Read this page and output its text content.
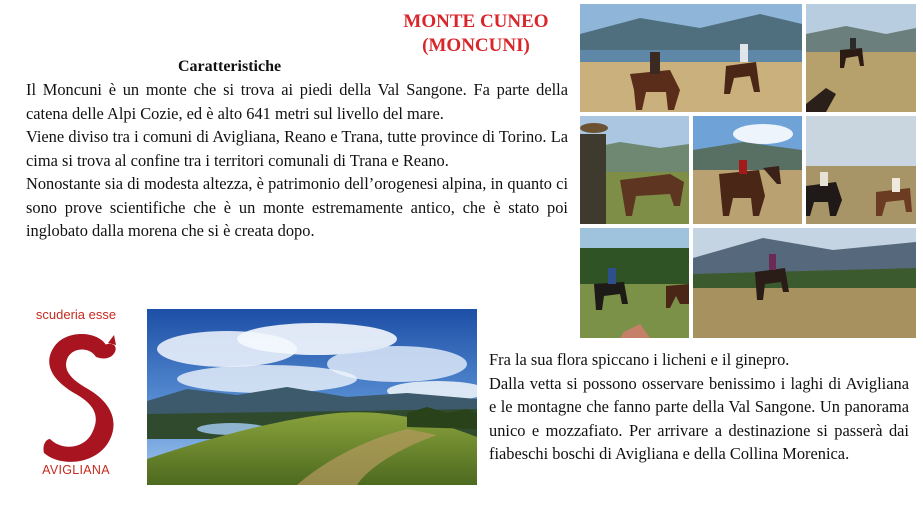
MONTE CUNEO
(MONCUNI)
Caratteristiche

Il Moncuni è un monte che si trova ai piedi della Val Sangone. Fa parte della catena delle Alpi Cozie, ed è alto 641 metri sul livello del mare.

Viene diviso tra i comuni di Avigliana, Reano e Trana, tutte province di Torino. La cima si trova al confine tra i territori comunali di Trana e Reano.

Nonostante sia di modesta altezza, è patrimonio dell’orogenesi alpina, in quanto ci sono prove scientifiche che è un monte estremamente antico, che è stato poi inglobato dalla morena che si è creata dopo.

scuderia esse
AVIGLIANA

Fra la sua flora spiccano i licheni e il ginepro.

Dalla vetta si possono osservare benissimo i laghi di Avigliana e le montagne che fanno parte della Val Sangone. Un panorama unico e mozzafiato. Per arrivare a destinazione si passerà dai fiabeschi boschi di Avigliana e della Collina Morenica.
